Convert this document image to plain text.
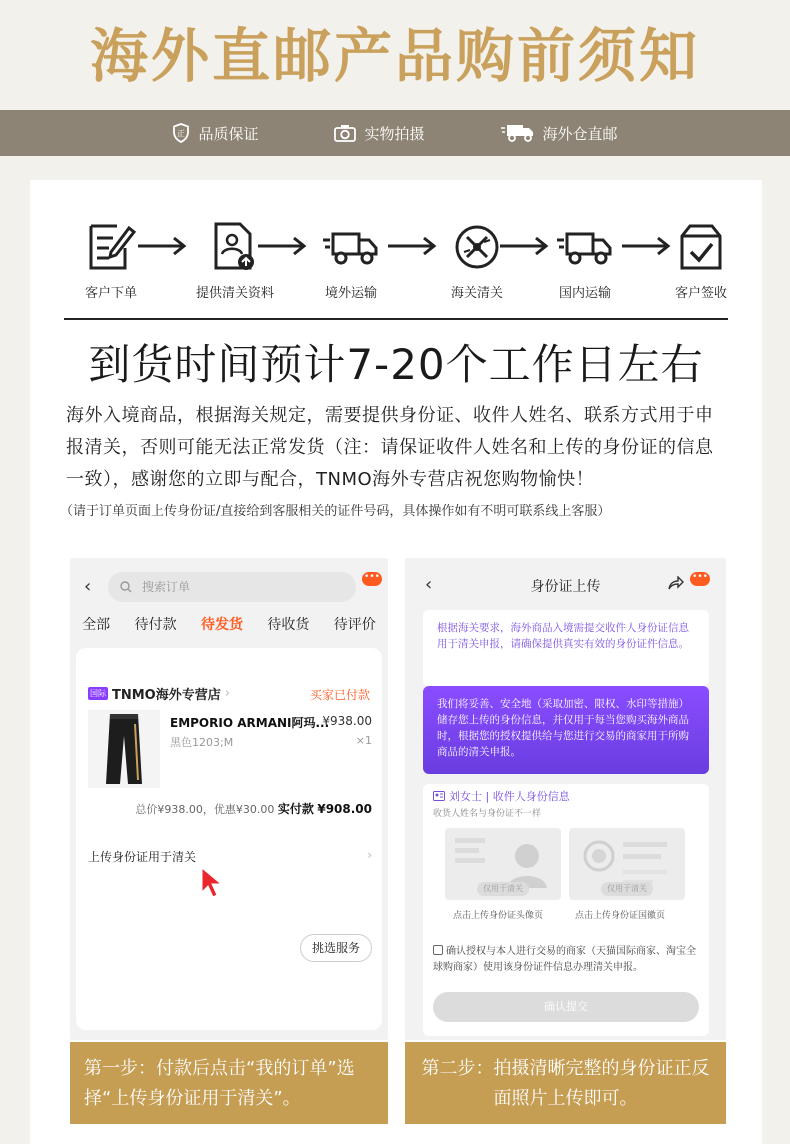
海外直邮产品购前须知
正 品质保证	实物拍摄	海外仓直邮
客户下单	提供清关资料	境外运输	海关清关	国内运输	客户签收
到货时间预计7-20个工作日左右
海外入境商品，根据海关规定，需要提供身份证、收件人姓名、联系方式用于申报清关，否则可能无法正常发货（注：请保证收件人姓名和上传的身份证的信息一致），感谢您的立即与配合，TNMO海外专营店祝您购物愉快！
（请于订单页面上传身份证/直接给到客服相关的证件号码，具体操作如有不明可联系线上客服）
‹	搜索订单
•••
全部 待付款 待发货 待收货 待评价
国际 TNMO海外专营店 ›	买家已付款
EMPORIO ARMANI阿玛...
¥938.00
黑色1203;M	×1
总价¥938.00，优惠¥30.00 实付款 ¥908.00
上传身份证用于清关	›
挑选服务
‹	身份证上传
•••
根据海关要求，海外商品入境需提交收件人身份证信息用于清关申报，请确保提供真实有效的身份证件信息。
我们将妥善、安全地（采取加密、限权、水印等措施）储存您上传的身份信息，并仅用于每当您购买海外商品时，根据您的授权提供给与您进行交易的商家用于所购商品的清关申报。
刘女士 | 收件人身份信息
收货人姓名与身份证不一样
仅用于清关	仅用于清关
点击上传身份证头像页	点击上传身份证国徽页
确认授权与本人进行交易的商家（天猫国际商家、淘宝全球购商家）使用该身份证件信息办理清关申报。
确认提交
第一步：付款后点击“我的订单”选择“上传身份证用于清关”。
第二步：拍摄清晰完整的身份证正反面照片上传即可。
